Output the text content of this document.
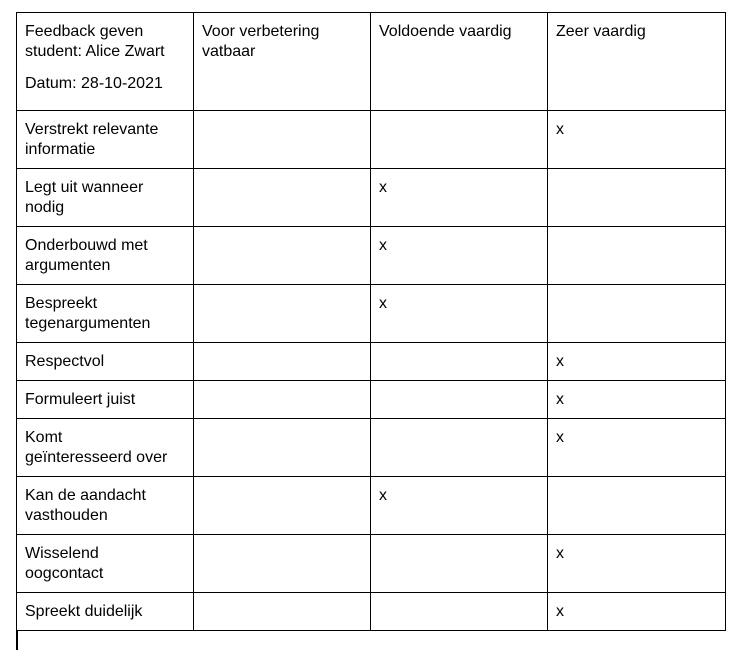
Feedback geven
student: Alice Zwart
Datum: 28-10-2021	Voor verbetering vatbaar	Voldoende vaardig	Zeer vaardig

Verstrekt relevante
informatie			x

Legt uit wanneer
nodig		x	

Onderbouwd met
argumenten		x	

Bespreekt
tegenargumenten		x	

Respectvol			x

Formuleert juist			x

Komt
geïnteresseerd over			x

Kan de aandacht
vasthouden		x	

Wisselend
oogcontact			x

Spreekt duidelijk			x
